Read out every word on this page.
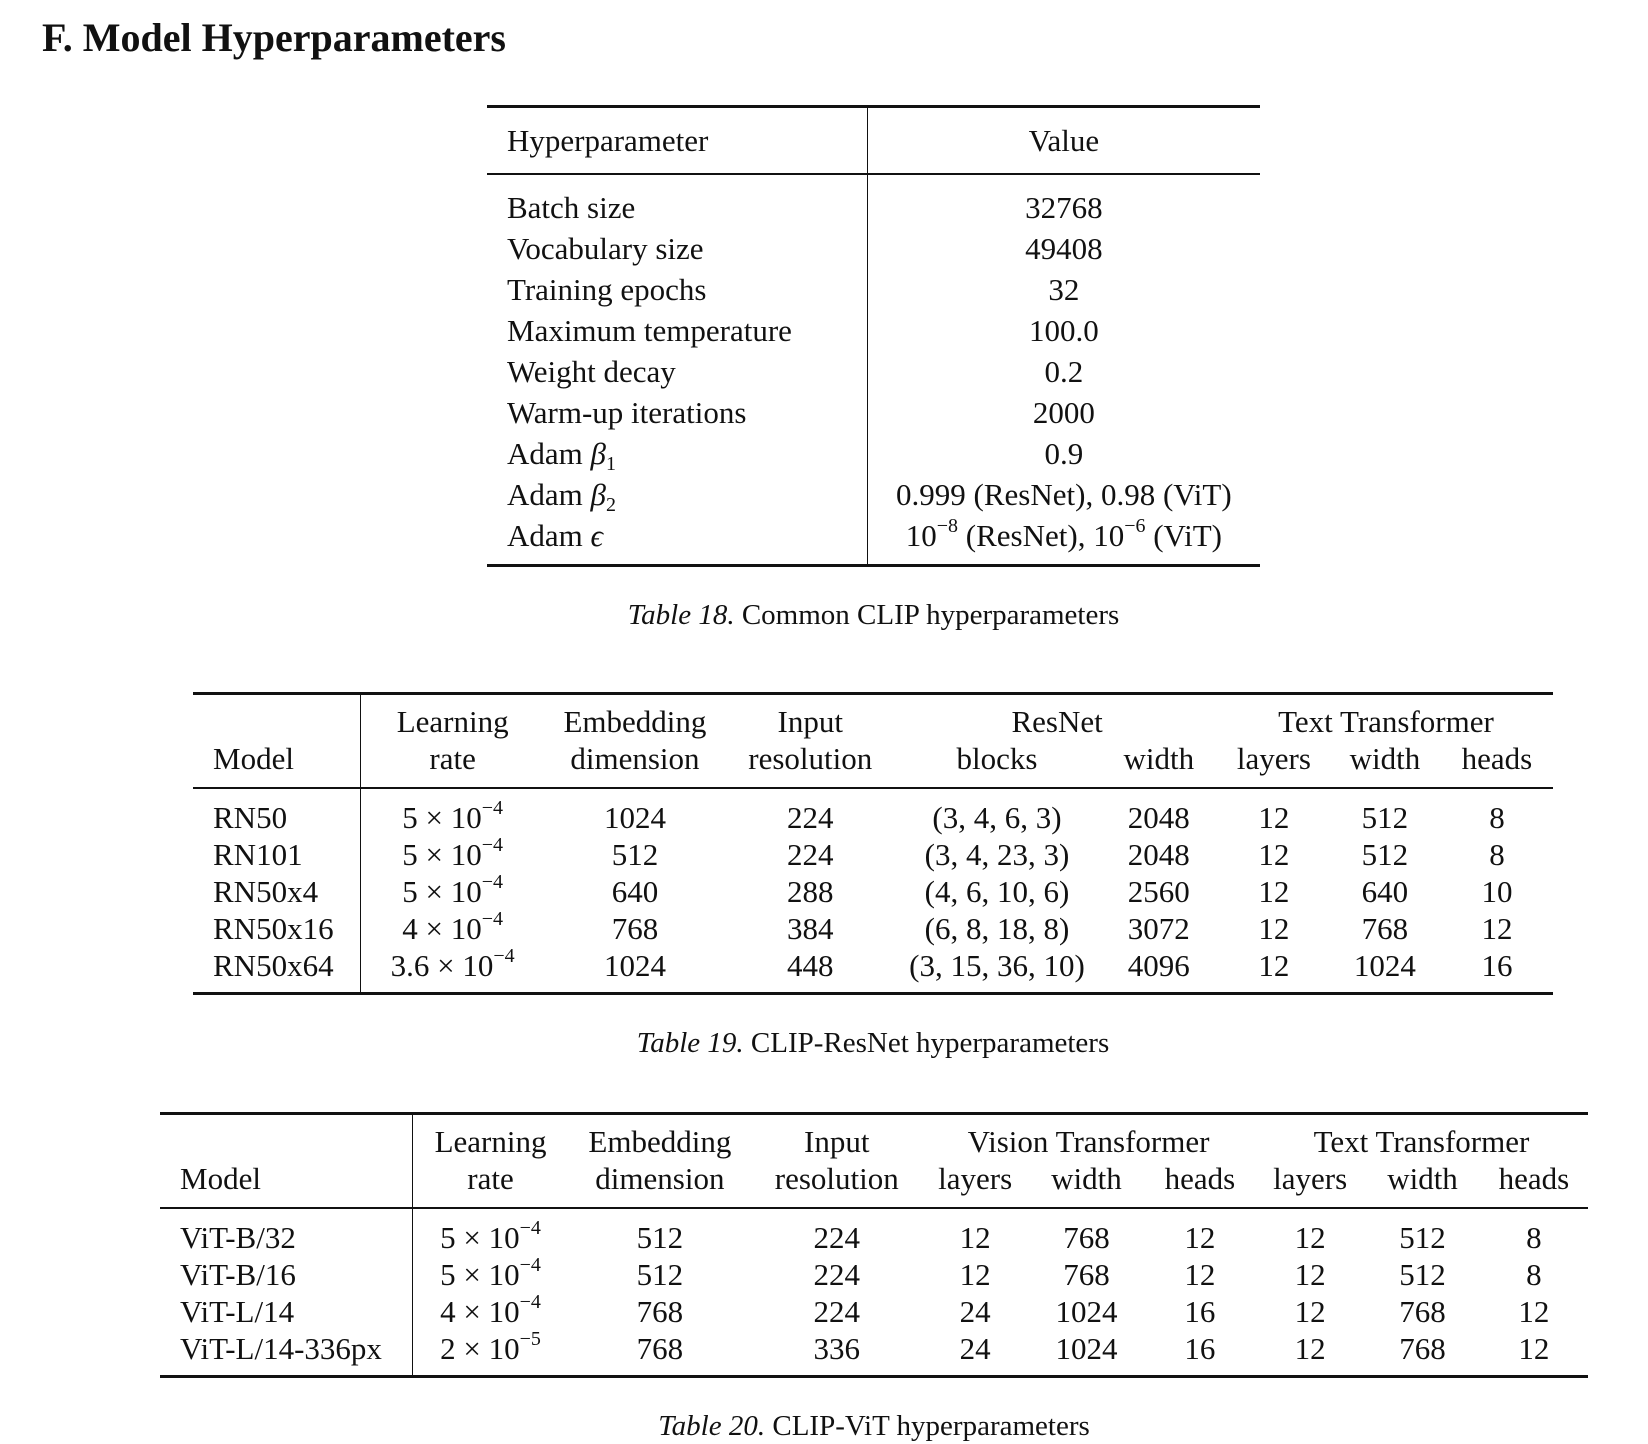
F. Model Hyperparameters
Hyperparameter	Value
Batch size	32768
Vocabulary size	49408
Training epochs	32
Maximum temperature	100.0
Weight decay	0.2
Warm-up iterations	2000
Adam $\beta_1$	0.9
Adam $\beta_2$	0.999 (ResNet), 0.98 (ViT)
Adam ϵ	$10^{-8}$ (ResNet), $10^{-6}$ (ViT)
Table 18. Common CLIP hyperparameters
	Learning	Embedding	Input	ResNet		Text Transformer		
Model	rate	dimension	resolution	blocks	width	layers	width	heads
RN50	$5 \times 10^{-4}$	1024	224	(3, 4, 6, 3)	2048	12	512	8
RN101	$5 \times 10^{-4}$	512	224	(3, 4, 23, 3)	2048	12	512	8
RN50x4	$5 \times 10^{-4}$	640	288	(4, 6, 10, 6)	2560	12	640	10
RN50x16	$4 \times 10^{-4}$	768	384	(6, 8, 18, 8)	3072	12	768	12
RN50x64	$3.6 \times 10^{-4}$	1024	448	(3, 15, 36, 10)	4096	12	1024	16
Table 19. CLIP-ResNet hyperparameters
	Learning	Embedding	Input	Vision Transformer			Text Transformer		
Model	rate	dimension	resolution	layers	width	heads	layers	width	heads
ViT-B/32	$5 \times 10^{-4}$	512	224	12	768	12	12	512	8
ViT-B/16	$5 \times 10^{-4}$	512	224	12	768	12	12	512	8
ViT-L/14	$4 \times 10^{-4}$	768	224	24	1024	16	12	768	12
ViT-L/14-336px	$2 \times 10^{-5}$	768	336	24	1024	16	12	768	12
Table 20. CLIP-ViT hyperparameters
